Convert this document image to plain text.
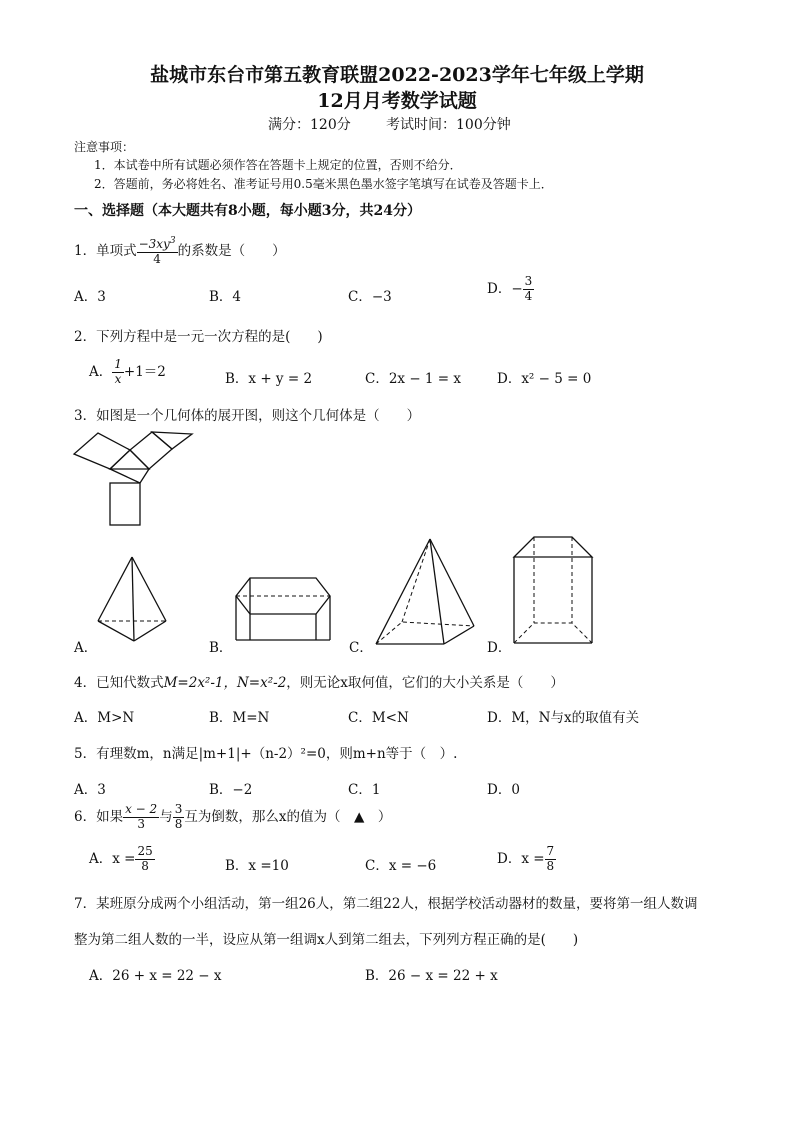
盐城市东台市第五教育联盟2022-2023学年七年级上学期
12月月考数学试题
满分：120分	考试时间：100分钟
注意事项：
1．本试卷中所有试题必须作答在答题卡上规定的位置，否则不给分．
2．答题前，务必将姓名、准考证号用0.5毫米黑色墨水签字笔填写在试卷及答题卡上．
一、选择题（本大题共有8小题，每小题3分，共24分）
1．单项式 $\frac{-3xy^3}{4}$ 的系数是（　　）
A．3	B．4	C．−3
D．− $\frac{3}{4}$
2．下列方程中是一元一次方程的是(　　)
A． $\frac{1}{x} +1=2$	B．x + y = 2	C．2x − 1 = x	D．x² − 5 = 0
3．如图是一个几何体的展开图，则这个几何体是（　　）
A．	B．	C．	D．
4．已知代数式M=2x²-1，N=x²-2，则无论x取何值，它们的大小关系是（　　）
A．M>N	B．M=N	C．M<N	D．M，N与x的取值有关
5．有理数m，n满足|m+1|+（n-2）²=0，则m+n等于（　）.
A．3	B．−2	C．1	D．0
6．如果 $\frac{x - 2}{3}$ 与 $\frac{3}{8}$ 互为倒数，那么x的值为（　▲　）
A．$x = \frac{25}{8}$	B．x =10	C．x = −6	D．$x = \frac{7}{8}$
7．某班原分成两个小组活动，第一组26人，第二组22人，根据学校活动器材的数量，要将第一组人数调
整为第二组人数的一半，设应从第一组调x人到第二组去，下列列方程正确的是(　　)
A．26 + x = 22 − x	B．26 − x = 22 + x
